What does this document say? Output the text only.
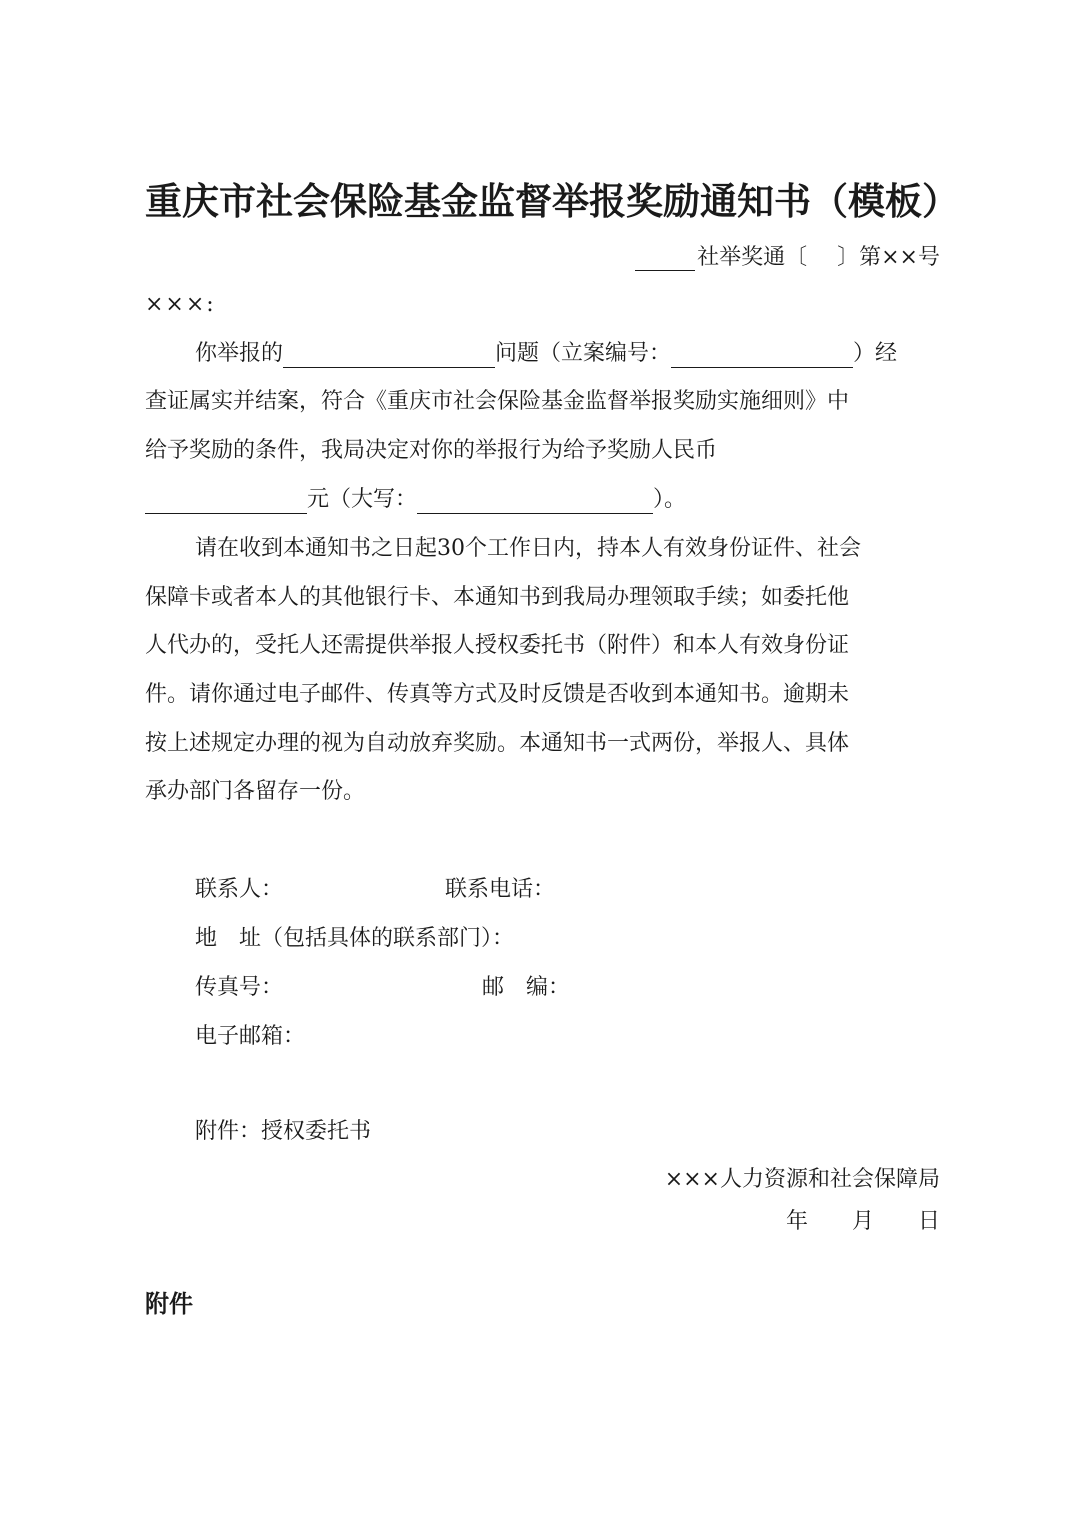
重庆市社会保险基金监督举报奖励通知书（模板）
社举奖通〔 〕第××号
×××:
你举报的	问题（立案编号：	）经
查证属实并结案，符合《重庆市社会保险基金监督举报奖励实施细则》中
给予奖励的条件，我局决定对你的举报行为给予奖励人民币
元（大写：	）。
请在收到本通知书之日起30个工作日内，持本人有效身份证件、社会
保障卡或者本人的其他银行卡、本通知书到我局办理领取手续；如委托他
人代办的，受托人还需提供举报人授权委托书（附件）和本人有效身份证
件。请你通过电子邮件、传真等方式及时反馈是否收到本通知书。逾期未
按上述规定办理的视为自动放弃奖励。本通知书一式两份，举报人、具体
承办部门各留存一份。
联系人：	联系电话：
地　址（包括具体的联系部门）：
传真号：	邮　编：
电子邮箱：
附件：授权委托书
×××人力资源和社会保障局
年 月 日
附件
